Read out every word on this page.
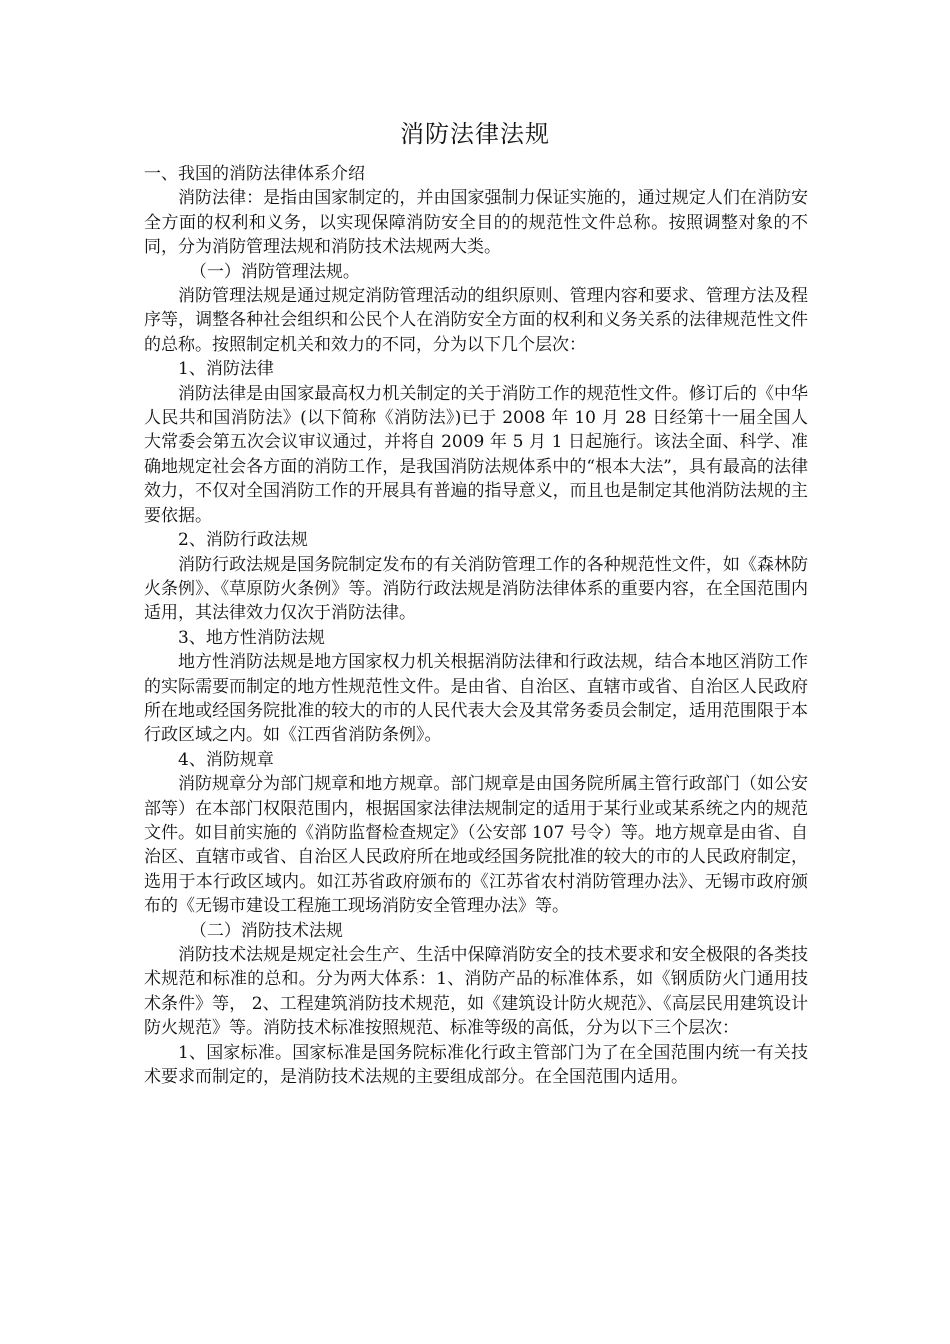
消防法律法规

一、我国的消防法律体系介绍

消防法律：是指由国家制定的，并由国家强制力保证实施的，通过规定人们在消防安全方面的权利和义务，以实现保障消防安全目的的规范性文件总称。按照调整对象的不同，分为消防管理法规和消防技术法规两大类。

（一）消防管理法规。

消防管理法规是通过规定消防管理活动的组织原则、管理内容和要求、管理方法及程序等，调整各种社会组织和公民个人在消防安全方面的权利和义务关系的法律规范性文件的总称。按照制定机关和效力的不同，分为以下几个层次：

1、消防法律

消防法律是由国家最高权力机关制定的关于消防工作的规范性文件。修订后的《中华人民共和国消防法》(以下简称《消防法》)已于 2008 年 10 月 28 日经第十一届全国人大常委会第五次会议审议通过，并将自 2009 年 5 月 1 日起施行。该法全面、科学、准确地规定社会各方面的消防工作，是我国消防法规体系中的“根本大法”，具有最高的法律效力，不仅对全国消防工作的开展具有普遍的指导意义，而且也是制定其他消防法规的主要依据。

2、消防行政法规

消防行政法规是国务院制定发布的有关消防管理工作的各种规范性文件，如《森林防火条例》、《草原防火条例》等。消防行政法规是消防法律体系的重要内容，在全国范围内适用，其法律效力仅次于消防法律。

3、地方性消防法规

地方性消防法规是地方国家权力机关根据消防法律和行政法规，结合本地区消防工作的实际需要而制定的地方性规范性文件。是由省、自治区、直辖市或省、自治区人民政府所在地或经国务院批准的较大的市的人民代表大会及其常务委员会制定，适用范围限于本行政区域之内。如《江西省消防条例》。

4、消防规章

消防规章分为部门规章和地方规章。部门规章是由国务院所属主管行政部门（如公安部等）在本部门权限范围内，根据国家法律法规制定的适用于某行业或某系统之内的规范文件。如目前实施的《消防监督检查规定》（公安部 107 号令）等。地方规章是由省、自治区、直辖市或省、自治区人民政府所在地或经国务院批准的较大的市的人民政府制定，选用于本行政区域内。如江苏省政府颁布的《江苏省农村消防管理办法》、无锡市政府颁布的《无锡市建设工程施工现场消防安全管理办法》等。

（二）消防技术法规

消防技术法规是规定社会生产、生活中保障消防安全的技术要求和安全极限的各类技术规范和标准的总和。分为两大体系：1、消防产品的标准体系，如《钢质防火门通用技术条件》等， 2、工程建筑消防技术规范，如《建筑设计防火规范》、《高层民用建筑设计防火规范》等。消防技术标准按照规范、标准等级的高低，分为以下三个层次：

1、国家标准。国家标准是国务院标准化行政主管部门为了在全国范围内统一有关技术要求而制定的，是消防技术法规的主要组成部分。在全国范围内适用。
